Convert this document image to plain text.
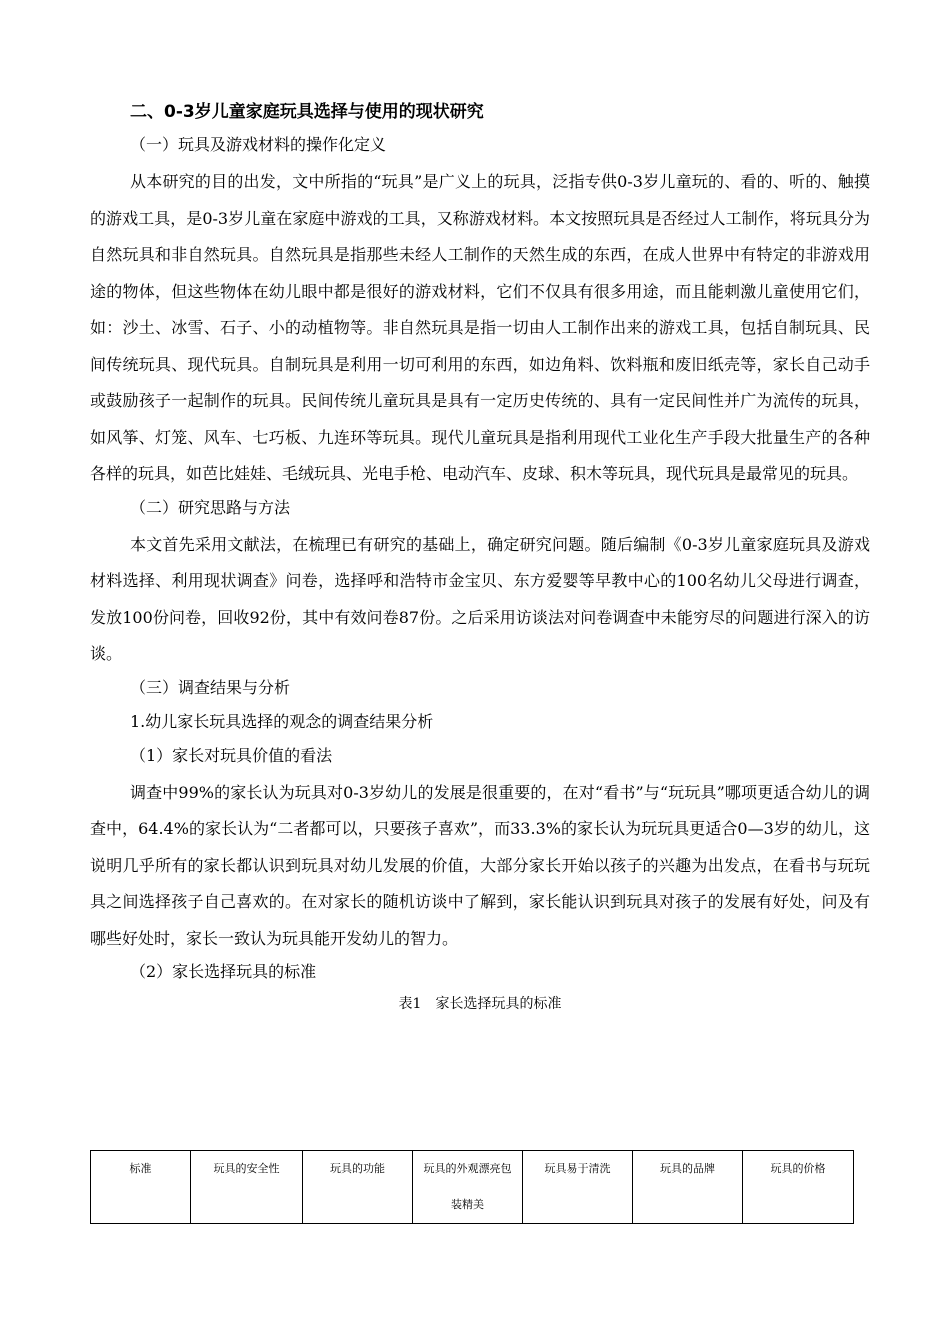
二、0-3岁儿童家庭玩具选择与使用的现状研究
（一）玩具及游戏材料的操作化定义

从本研究的目的出发，文中所指的“玩具”是广义上的玩具，泛指专供0-3岁儿童玩的、看的、听的、触摸的游戏工具，是0-3岁儿童在家庭中游戏的工具，又称游戏材料。本文按照玩具是否经过人工制作，将玩具分为自然玩具和非自然玩具。自然玩具是指那些未经人工制作的天然生成的东西，在成人世界中有特定的非游戏用途的物体，但这些物体在幼儿眼中都是很好的游戏材料，它们不仅具有很多用途，而且能刺激儿童使用它们，如：沙土、冰雪、石子、小的动植物等。非自然玩具是指一切由人工制作出来的游戏工具，包括自制玩具、民间传统玩具、现代玩具。自制玩具是利用一切可利用的东西，如边角料、饮料瓶和废旧纸壳等，家长自己动手或鼓励孩子一起制作的玩具。民间传统儿童玩具是具有一定历史传统的、具有一定民间性并广为流传的玩具，如风筝、灯笼、风车、七巧板、九连环等玩具。现代儿童玩具是指利用现代工业化生产手段大批量生产的各种各样的玩具，如芭比娃娃、毛绒玩具、光电手枪、电动汽车、皮球、积木等玩具，现代玩具是最常见的玩具。

（二）研究思路与方法

本文首先采用文献法，在梳理已有研究的基础上，确定研究问题。随后编制《0-3岁儿童家庭玩具及游戏材料选择、利用现状调查》问卷，选择呼和浩特市金宝贝、东方爱婴等早教中心的100名幼儿父母进行调查，发放100份问卷，回收92份，其中有效问卷87份。之后采用访谈法对问卷调查中未能穷尽的问题进行深入的访谈。

（三）调查结果与分析
1.幼儿家长玩具选择的观念的调查结果分析
（1）家长对玩具价值的看法

调查中99%的家长认为玩具对0-3岁幼儿的发展是很重要的，在对“看书”与“玩玩具”哪项更适合幼儿的调查中，64.4%的家长认为“二者都可以，只要孩子喜欢”，而33.3%的家长认为玩玩具更适合0—3岁的幼儿，这说明几乎所有的家长都认识到玩具对幼儿发展的价值，大部分家长开始以孩子的兴趣为出发点，在看书与玩玩具之间选择孩子自己喜欢的。在对家长的随机访谈中了解到，家长能认识到玩具对孩子的发展有好处，问及有哪些好处时，家长一致认为玩具能开发幼儿的智力。

（2）家长选择玩具的标准
表1　家长选择玩具的标准
标准	玩具的安全性	玩具的功能	玩具的外观漂亮包装精美	玩具易于清洗	玩具的品牌	玩具的价格
